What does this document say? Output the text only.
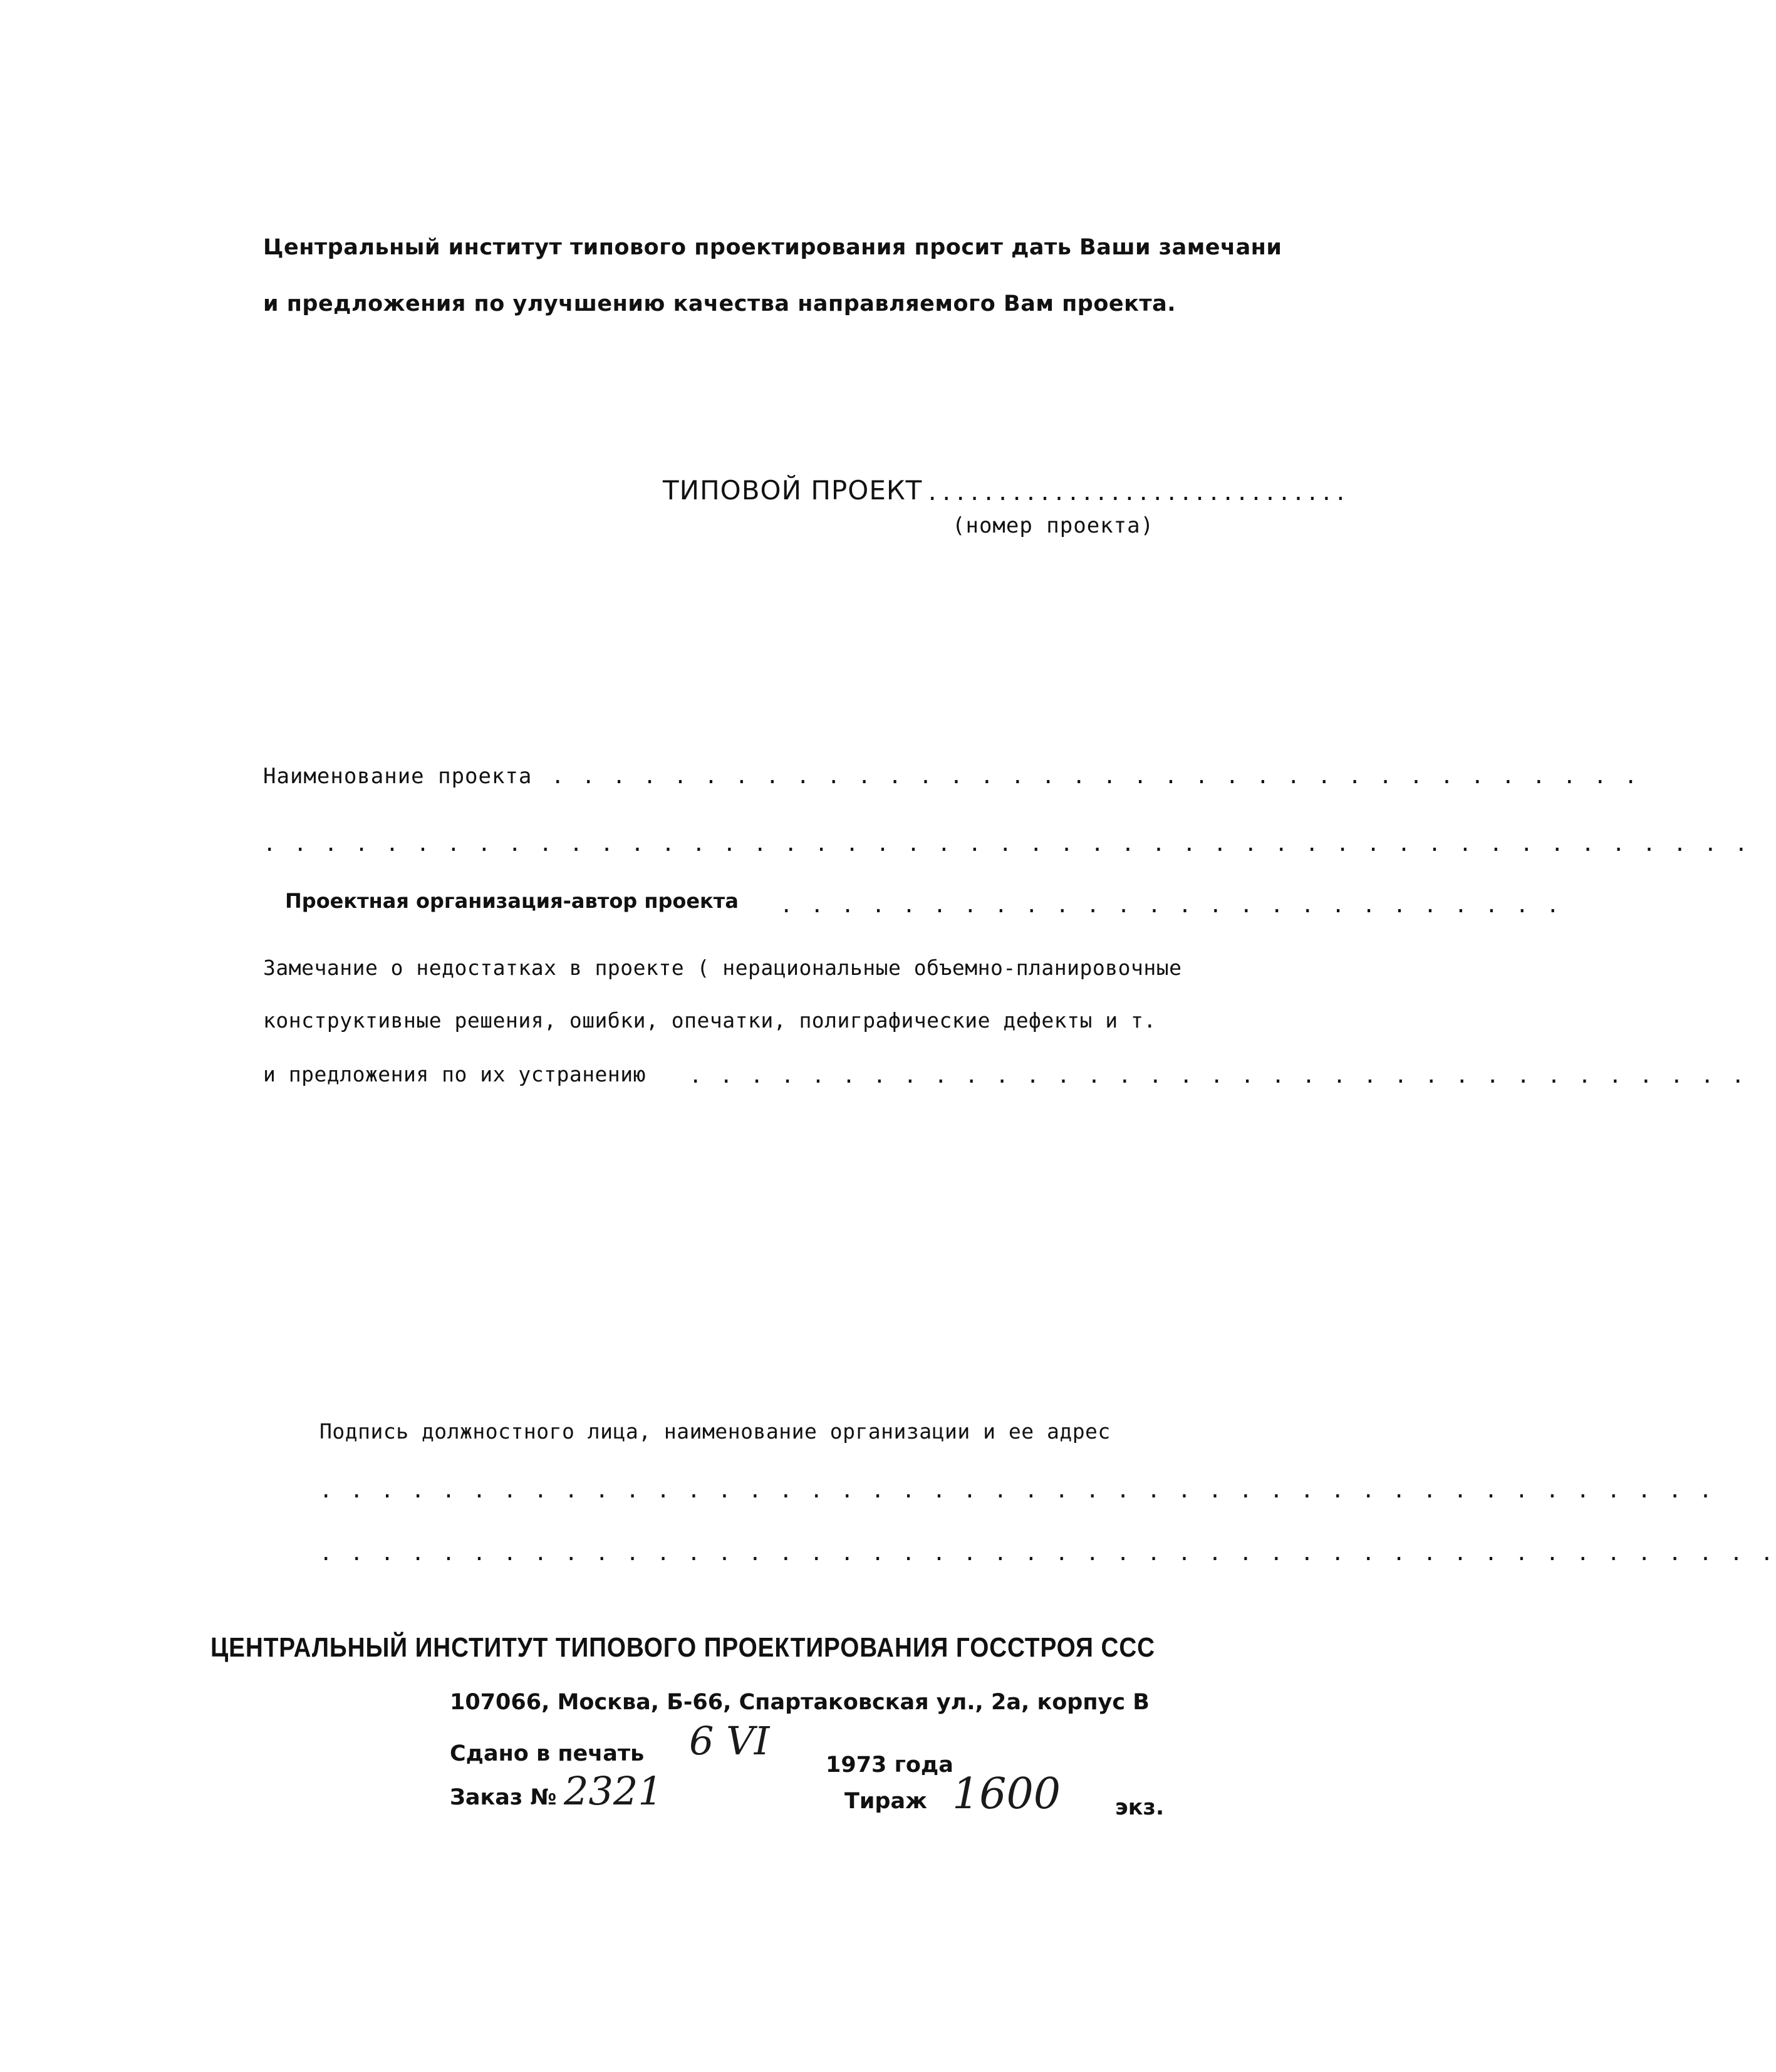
Центральный институт типового проектирования просит дать Ваши замечани
и предложения по улучшению качества направляемого Вам проекта.
ТИПОВОЙ ПРОЕКТ ..............................
(номер проекта)
Наименование проекта . . . . . . . . . . . . . . . . . . . . . . . . . . . . . . . . . . . .
. . . . . . . . . . . . . . . . . . . . . . . . . . . . . . . . . . . . . . . . . . . . . . . . .
Проектная организация-автор проекта . . . . . . . . . . . . . . . . . . . . . . . . . .
Замечание о недостатках в проекте ( нерациональные объемно-планировочные
конструктивные решения, ошибки, опечатки, полиграфические дефекты и т.
и предложения по их устранению . . . . . . . . . . . . . . . . . . . . . . . . . . . . . . . . . . .
Подпись должностного лица, наименование организации и ее адрес
. . . . . . . . . . . . . . . . . . . . . . . . . . . . . . . . . . . . . . . . . . . . . .
. . . . . . . . . . . . . . . . . . . . . . . . . . . . . . . . . . . . . . . . . . . . . . . .
ЦЕНТРАЛЬНЫЙ ИНСТИТУТ ТИПОВОГО ПРОЕКТИРОВАНИЯ ГОССТРОЯ ССС
107066, Москва, Б-66, Спартаковская ул., 2а, корпус В
Сдано в печать 6 VI
1973 года
Заказ № 2321	Тираж 1600 экз.
